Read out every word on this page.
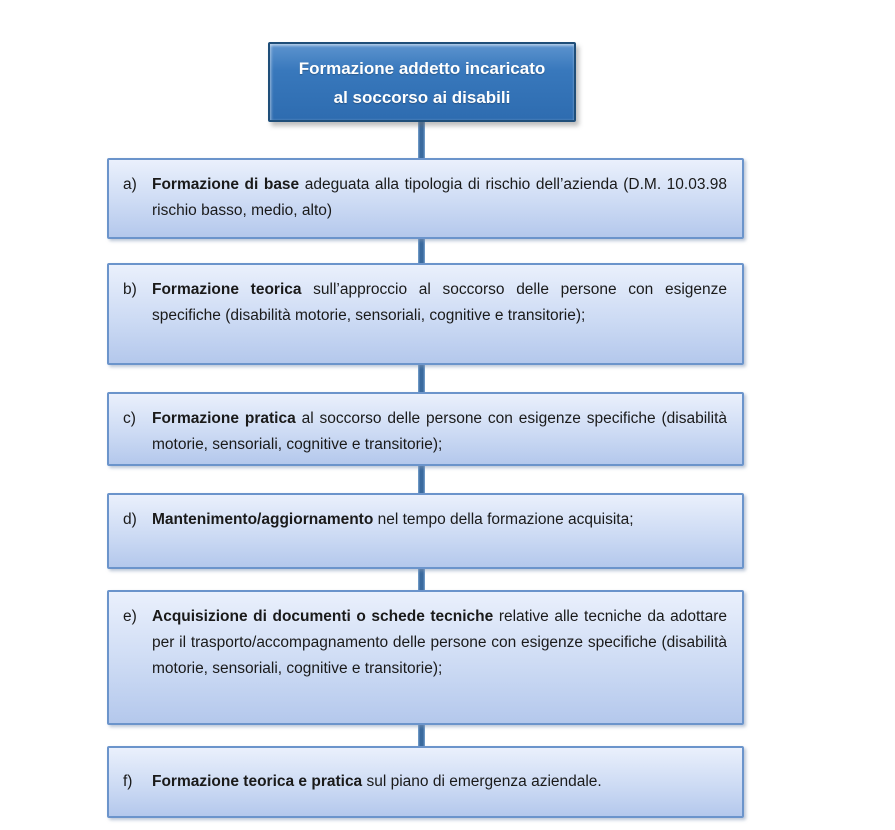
Formazione addetto incaricato
al soccorso ai disabili
a) Formazione di base adeguata alla tipologia di rischio dell’azienda (D.M. 10.03.98 rischio basso, medio, alto)
b) Formazione teorica sull’approccio al soccorso delle persone con esigenze specifiche (disabilità motorie, sensoriali, cognitive e transitorie);
c)	Formazione pratica al soccorso delle persone con esigenze specifiche (disabilità motorie, sensoriali, cognitive e transitorie);
d) Mantenimento/aggiornamento nel tempo della formazione acquisita;
e) Acquisizione di documenti o schede tecniche relative alle tecniche da adottare per il trasporto/accompagnamento delle persone con esigenze specifiche (disabilità motorie, sensoriali, cognitive e transitorie);
f)	Formazione teorica e pratica sul piano di emergenza aziendale.
